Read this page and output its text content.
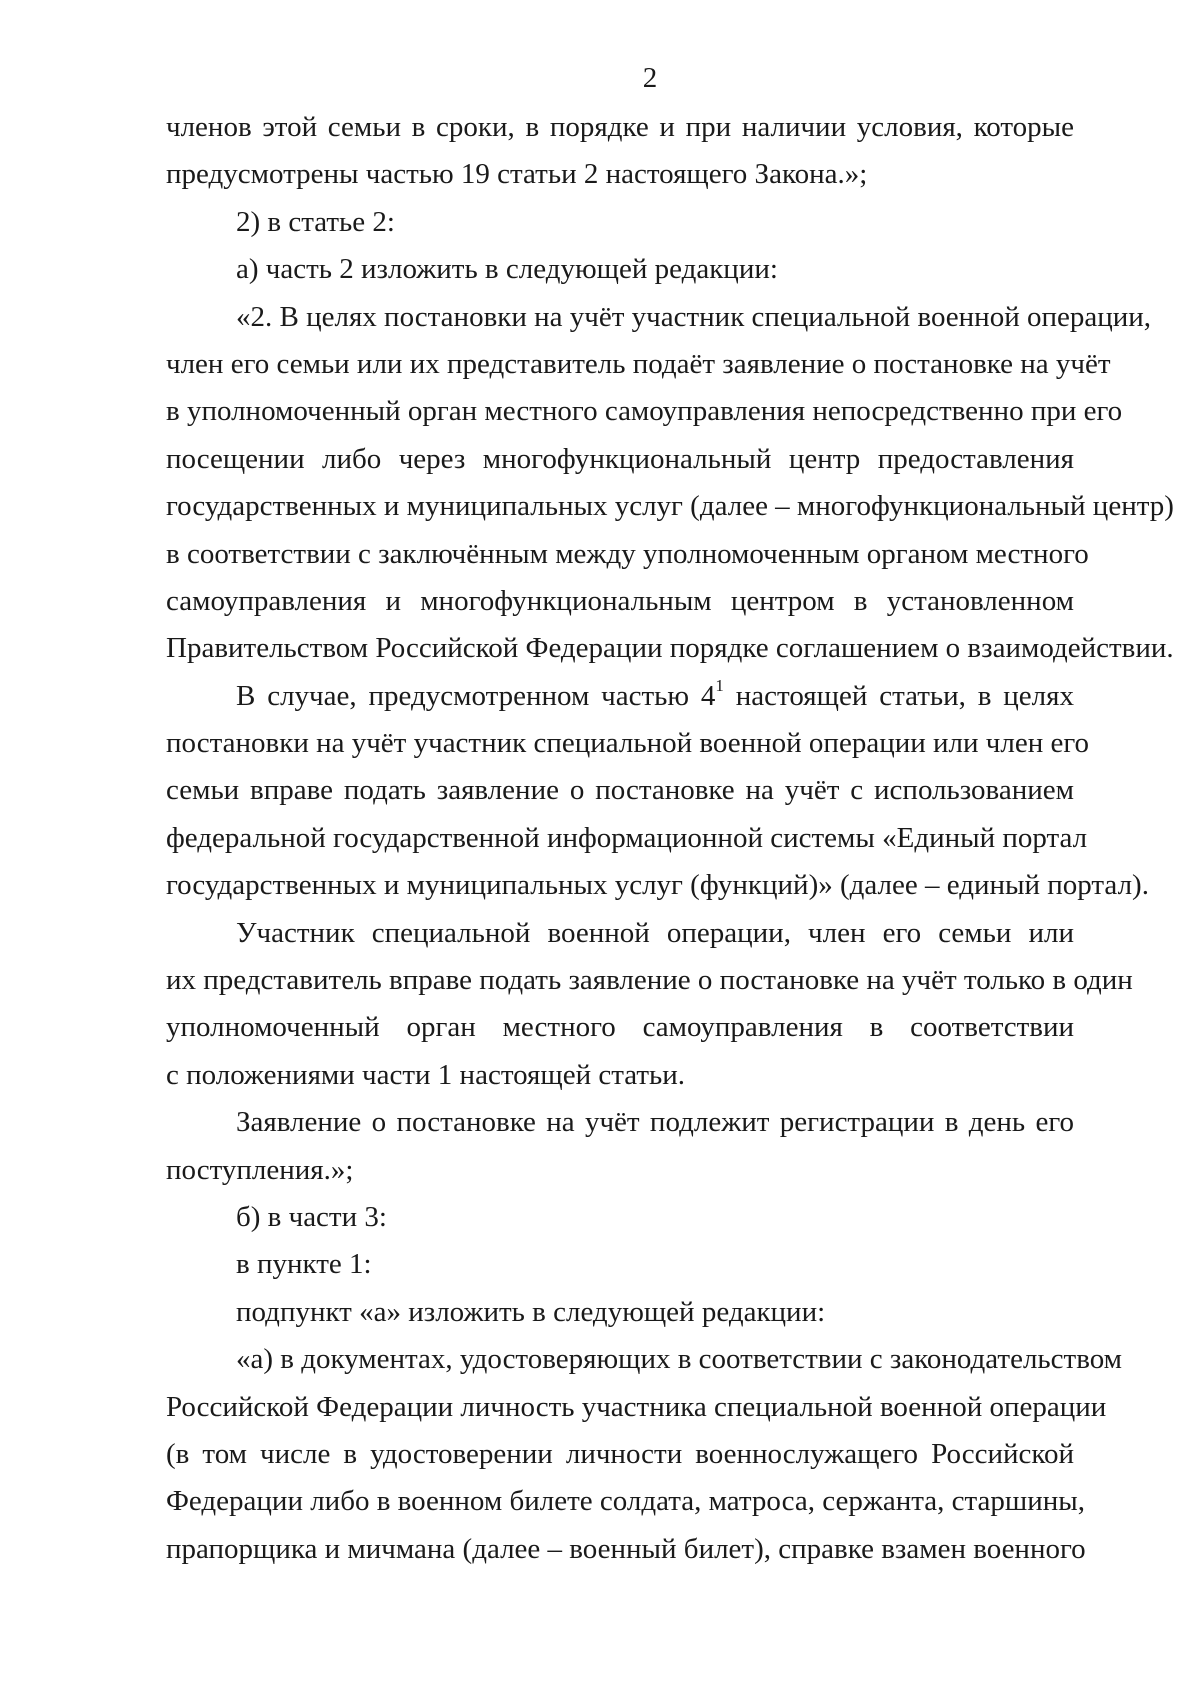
2
членов этой семьи в сроки, в порядке и при наличии условия, которые
предусмотрены частью 19 статьи 2 настоящего Закона.»;
2) в статье 2:
а) часть 2 изложить в следующей редакции:
«2. В целях постановки на учёт участник специальной военной операции,
член его семьи или их представитель подаёт заявление о постановке на учёт
в уполномоченный орган местного самоуправления непосредственно при его
посещении либо через многофункциональный центр предоставления
государственных и муниципальных услуг (далее – многофункциональный центр)
в соответствии с заключённым между уполномоченным органом местного
самоуправления и многофункциональным центром в установленном
Правительством Российской Федерации порядке соглашением о взаимодействии.
В случае, предусмотренном частью $4^1$ настоящей статьи, в целях
постановки на учёт участник специальной военной операции или член его
семьи вправе подать заявление о постановке на учёт с использованием
федеральной государственной информационной системы «Единый портал
государственных и муниципальных услуг (функций)» (далее – единый портал).
Участник специальной военной операции, член его семьи или
их представитель вправе подать заявление о постановке на учёт только в один
уполномоченный орган местного самоуправления в соответствии
с положениями части 1 настоящей статьи.
Заявление о постановке на учёт подлежит регистрации в день его
поступления.»;
б) в части 3:
в пункте 1:
подпункт «а» изложить в следующей редакции:
«а) в документах, удостоверяющих в соответствии с законодательством
Российской Федерации личность участника специальной военной операции
(в том числе в удостоверении личности военнослужащего Российской
Федерации либо в военном билете солдата, матроса, сержанта, старшины,
прапорщика и мичмана (далее – военный билет), справке взамен военного
